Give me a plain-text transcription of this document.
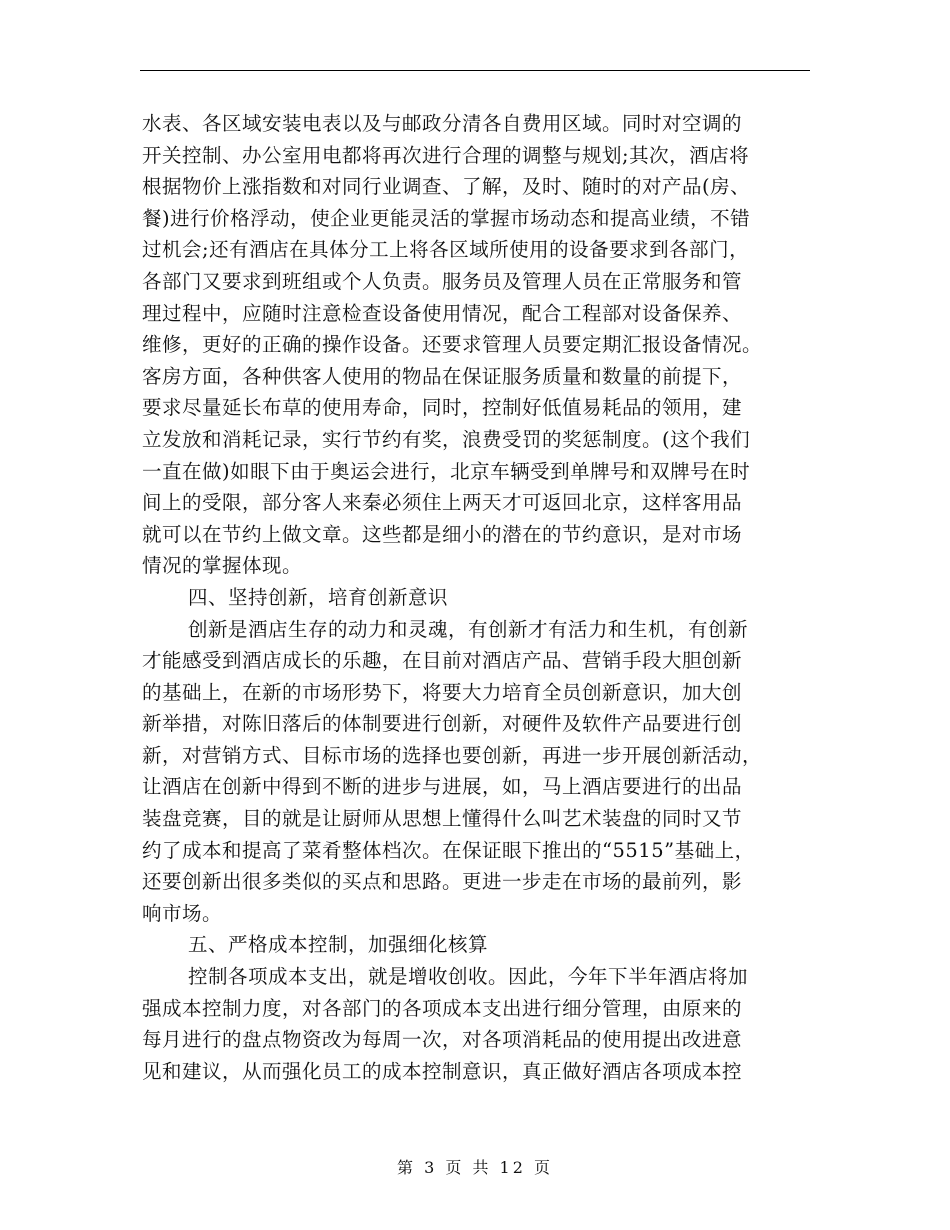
水表、各区域安装电表以及与邮政分清各自费用区域。同时对空调的
开关控制、办公室用电都将再次进行合理的调整与规划;其次，酒店将
根据物价上涨指数和对同行业调查、了解，及时、随时的对产品(房、
餐)进行价格浮动，使企业更能灵活的掌握市场动态和提高业绩，不错
过机会;还有酒店在具体分工上将各区域所使用的设备要求到各部门，
各部门又要求到班组或个人负责。服务员及管理人员在正常服务和管
理过程中，应随时注意检查设备使用情况，配合工程部对设备保养、
维修，更好的正确的操作设备。还要求管理人员要定期汇报设备情况。
客房方面，各种供客人使用的物品在保证服务质量和数量的前提下，
要求尽量延长布草的使用寿命，同时，控制好低值易耗品的领用，建
立发放和消耗记录，实行节约有奖，浪费受罚的奖惩制度。(这个我们
一直在做)如眼下由于奥运会进行，北京车辆受到单牌号和双牌号在时
间上的受限，部分客人来秦必须住上两天才可返回北京，这样客用品
就可以在节约上做文章。这些都是细小的潜在的节约意识，是对市场
情况的掌握体现。
四、坚持创新，培育创新意识
创新是酒店生存的动力和灵魂，有创新才有活力和生机，有创新
才能感受到酒店成长的乐趣，在目前对酒店产品、营销手段大胆创新
的基础上，在新的市场形势下，将要大力培育全员创新意识，加大创
新举措，对陈旧落后的体制要进行创新，对硬件及软件产品要进行创
新，对营销方式、目标市场的选择也要创新，再进一步开展创新活动，
让酒店在创新中得到不断的进步与进展，如，马上酒店要进行的出品
装盘竞赛，目的就是让厨师从思想上懂得什么叫艺术装盘的同时又节
约了成本和提高了菜肴整体档次。在保证眼下推出的“5515”基础上，
还要创新出很多类似的买点和思路。更进一步走在市场的最前列，影
响市场。
五、严格成本控制，加强细化核算
控制各项成本支出，就是增收创收。因此，今年下半年酒店将加
强成本控制力度，对各部门的各项成本支出进行细分管理，由原来的
每月进行的盘点物资改为每周一次，对各项消耗品的使用提出改进意
见和建议，从而强化员工的成本控制意识，真正做好酒店各项成本控
第 3 页 共 12 页
